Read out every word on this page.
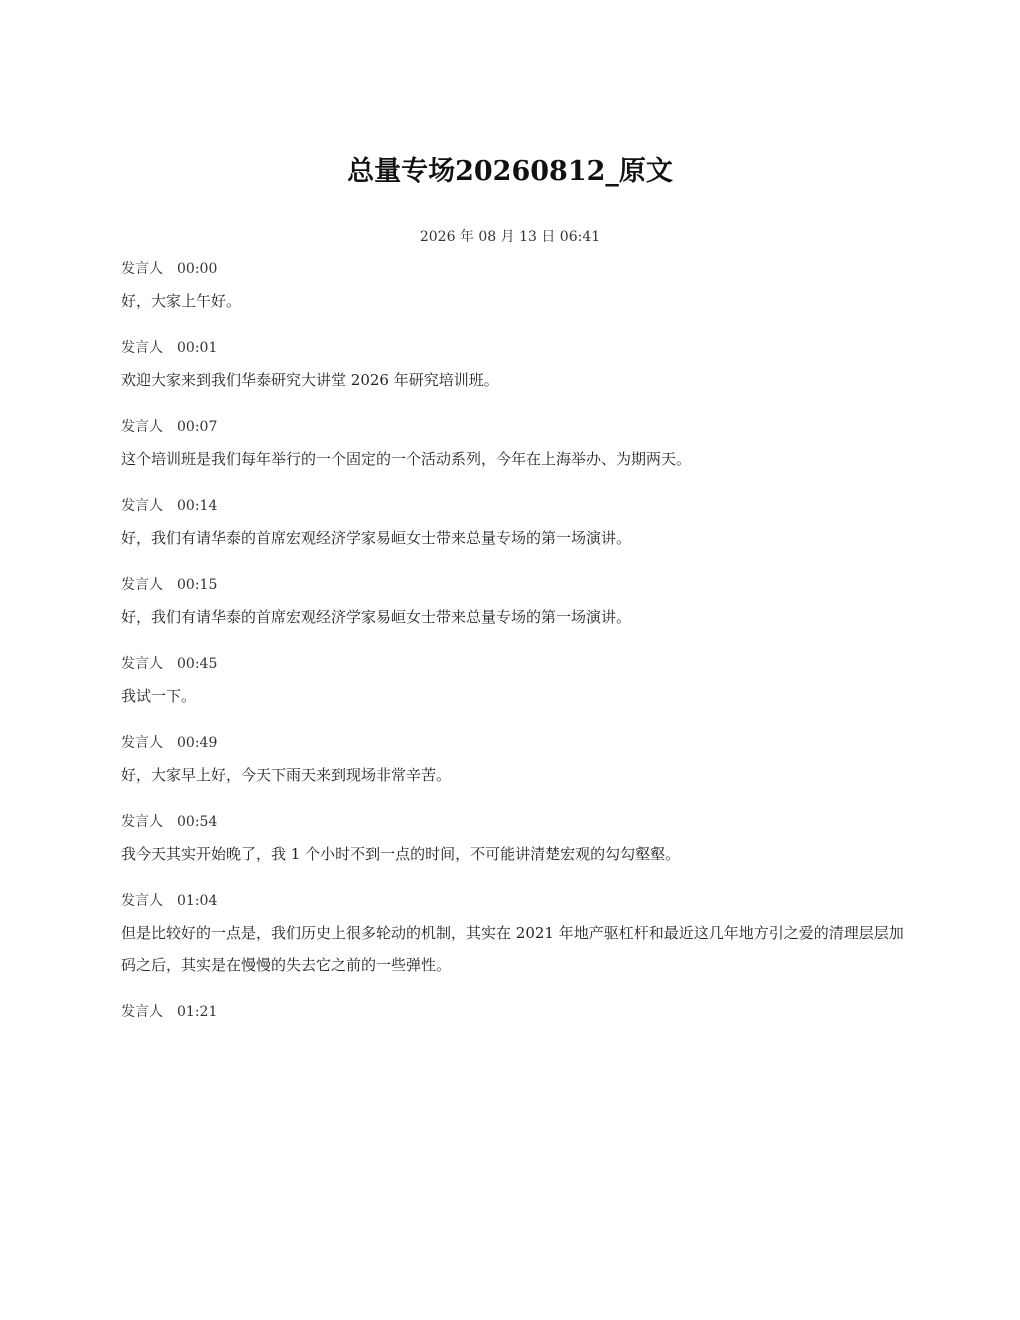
总量专场20260812_原文
2026 年 08 月 13 日 06:41
发言人 00:00
好，大家上午好。
发言人 00:01
欢迎大家来到我们华泰研究大讲堂 2026 年研究培训班。
发言人 00:07
这个培训班是我们每年举行的一个固定的一个活动系列，今年在上海举办、为期两天。
发言人 00:14
好，我们有请华泰的首席宏观经济学家易峘女士带来总量专场的第一场演讲。
发言人 00:15
好，我们有请华泰的首席宏观经济学家易峘女士带来总量专场的第一场演讲。
发言人 00:45
我试一下。
发言人 00:49
好，大家早上好，今天下雨天来到现场非常辛苦。
发言人 00:54
我今天其实开始晚了，我 1 个小时不到一点的时间，不可能讲清楚宏观的勾勾壑壑。
发言人 01:04
但是比较好的一点是，我们历史上很多轮动的机制，其实在 2021 年地产驱杠杆和最近这几年地方引之爱的清理层层加码之后，其实是在慢慢的失去它之前的一些弹性。
发言人 01:21
